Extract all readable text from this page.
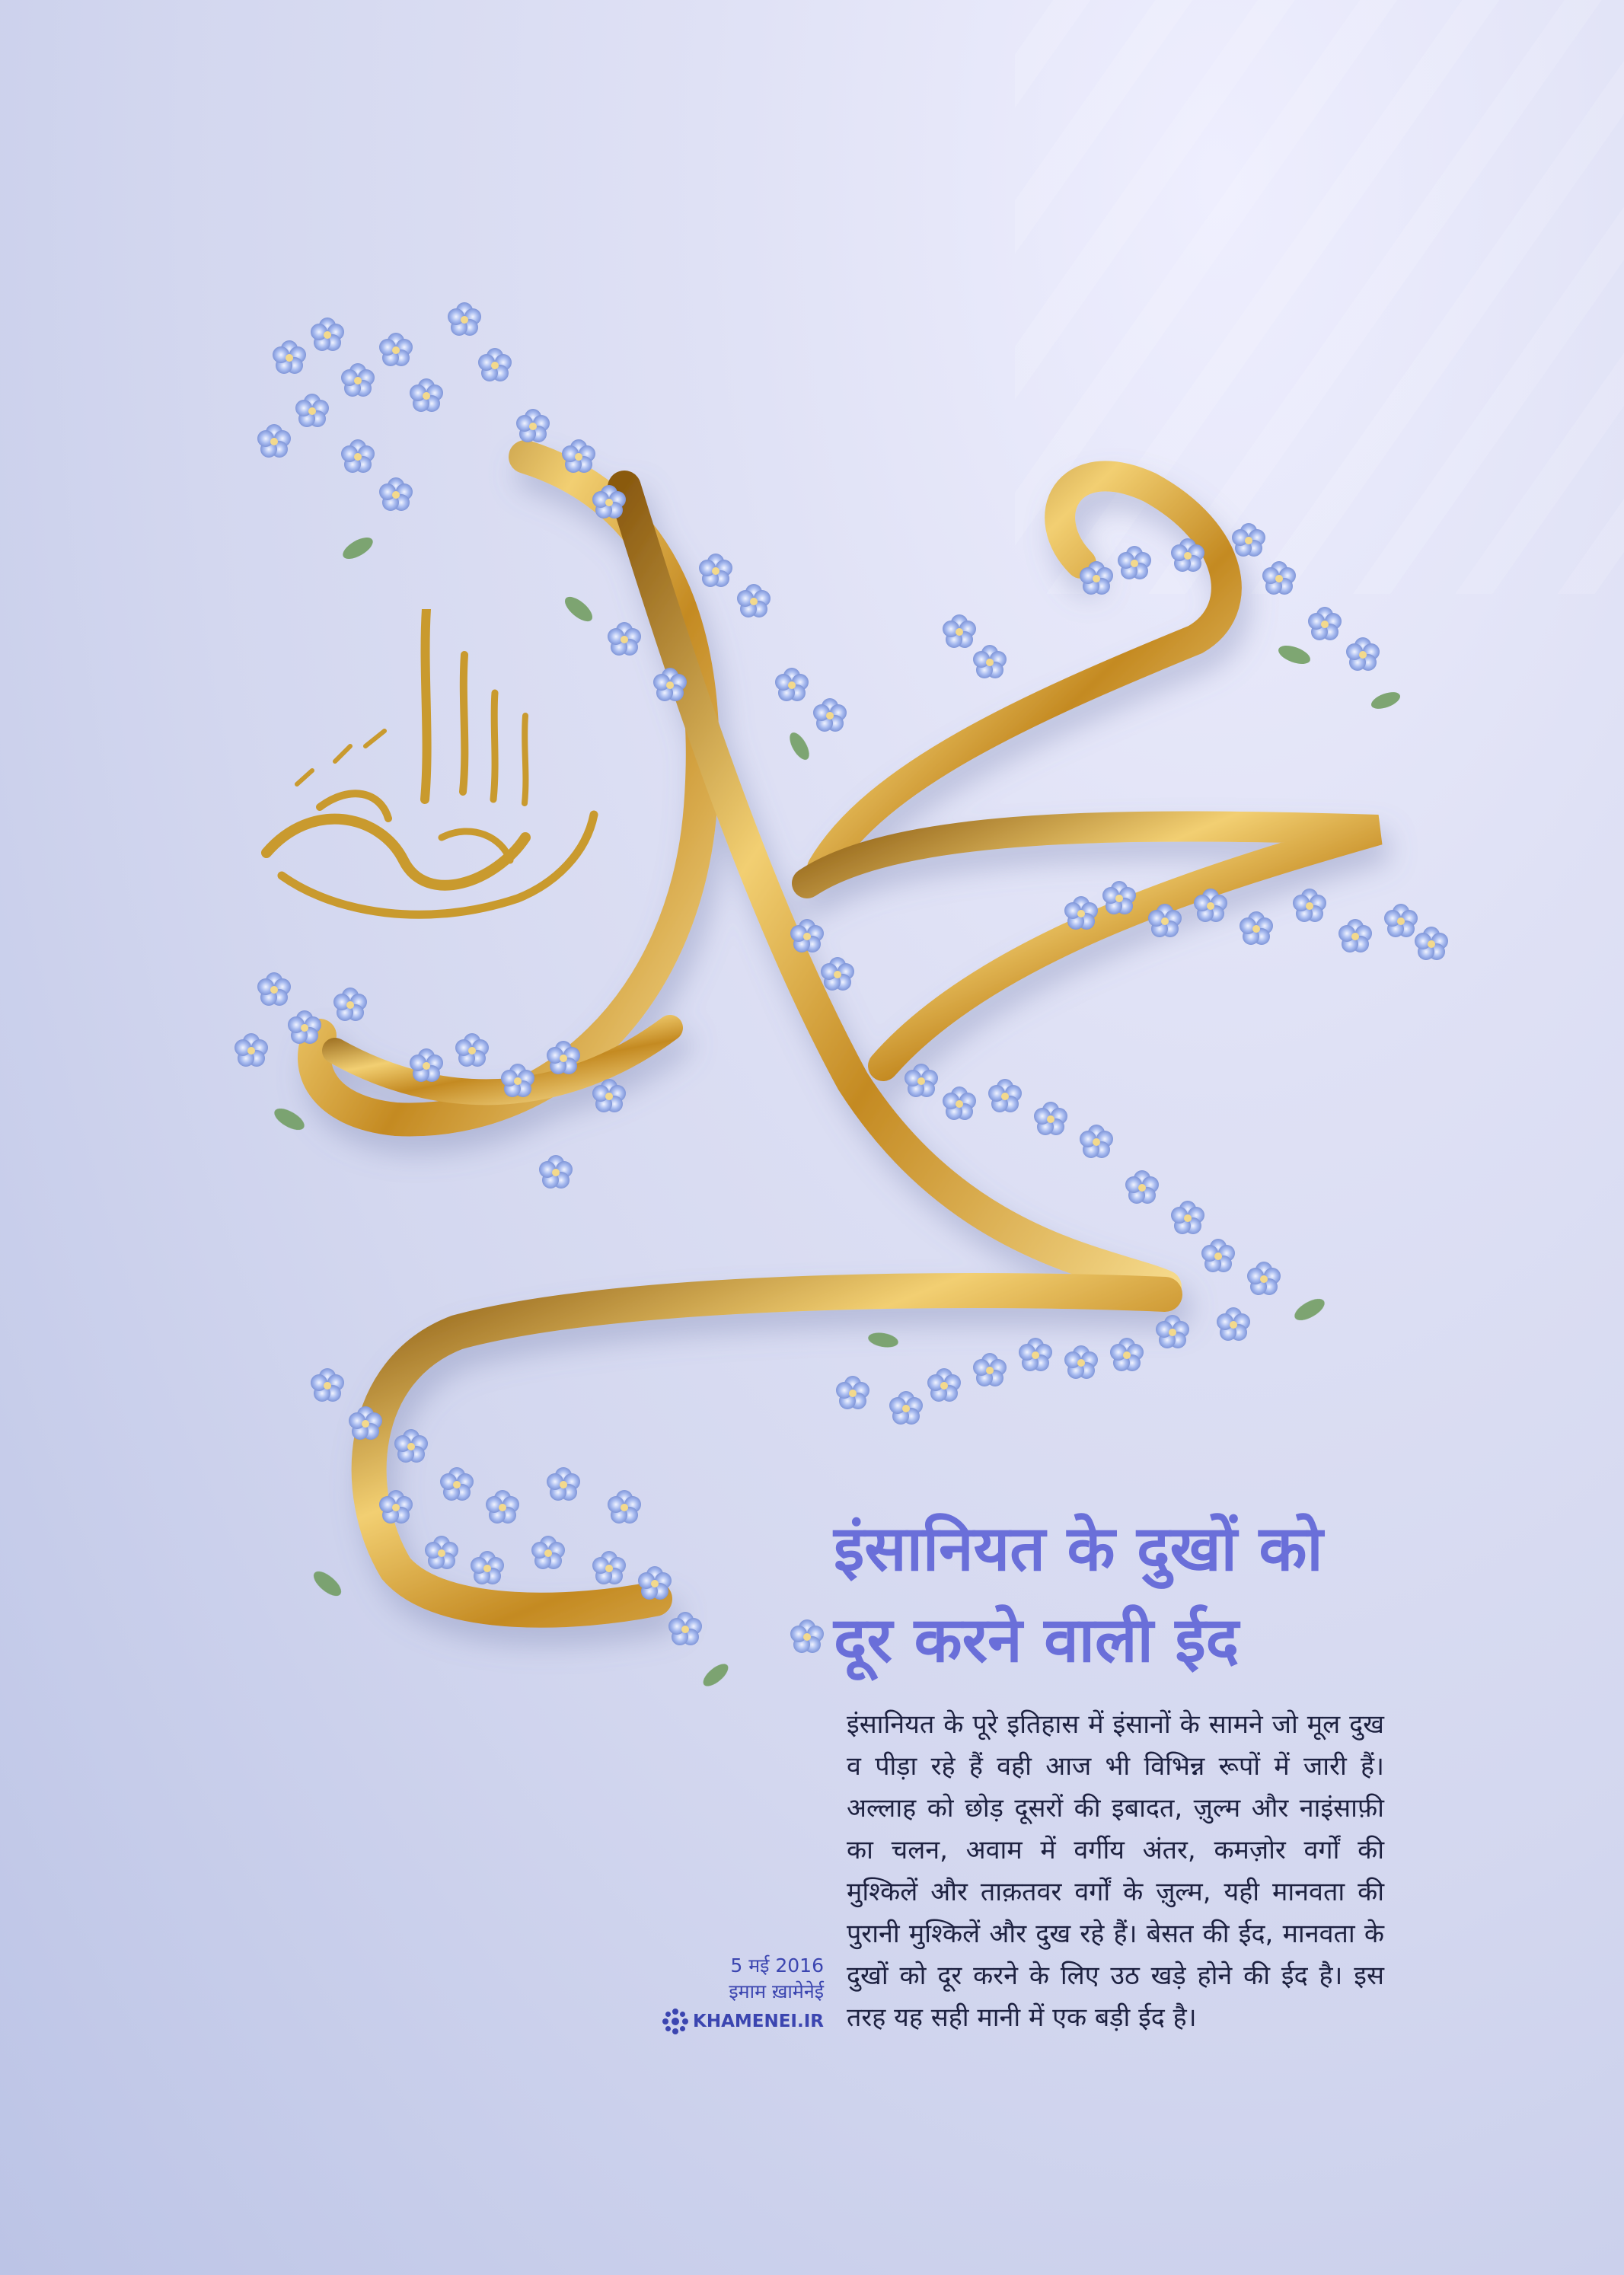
इंसानियत के दुखों को
दूर करने वाली ईद

इंसानियत के पूरे इतिहास में इंसानों के सामने जो मूल दुख व पीड़ा रहे हैं वही आज भी विभिन्न रूपों में जारी हैं। अल्लाह को छोड़ दूसरों की इबादत, ज़ुल्म और नाइंसाफ़ी का चलन, अवाम में वर्गीय अंतर, कमज़ोर वर्गों की मुश्किलें और ताक़तवर वर्गों के ज़ुल्म, यही मानवता की पुरानी मुश्किलें और दुख रहे हैं। बेसत की ईद, मानवता के दुखों को दूर करने के लिए उठ खड़े होने की ईद है। इस तरह यह सही मानी में एक बड़ी ईद है।

5 मई 2016
इमाम ख़ामेनेई
KHAMENEI.IR
